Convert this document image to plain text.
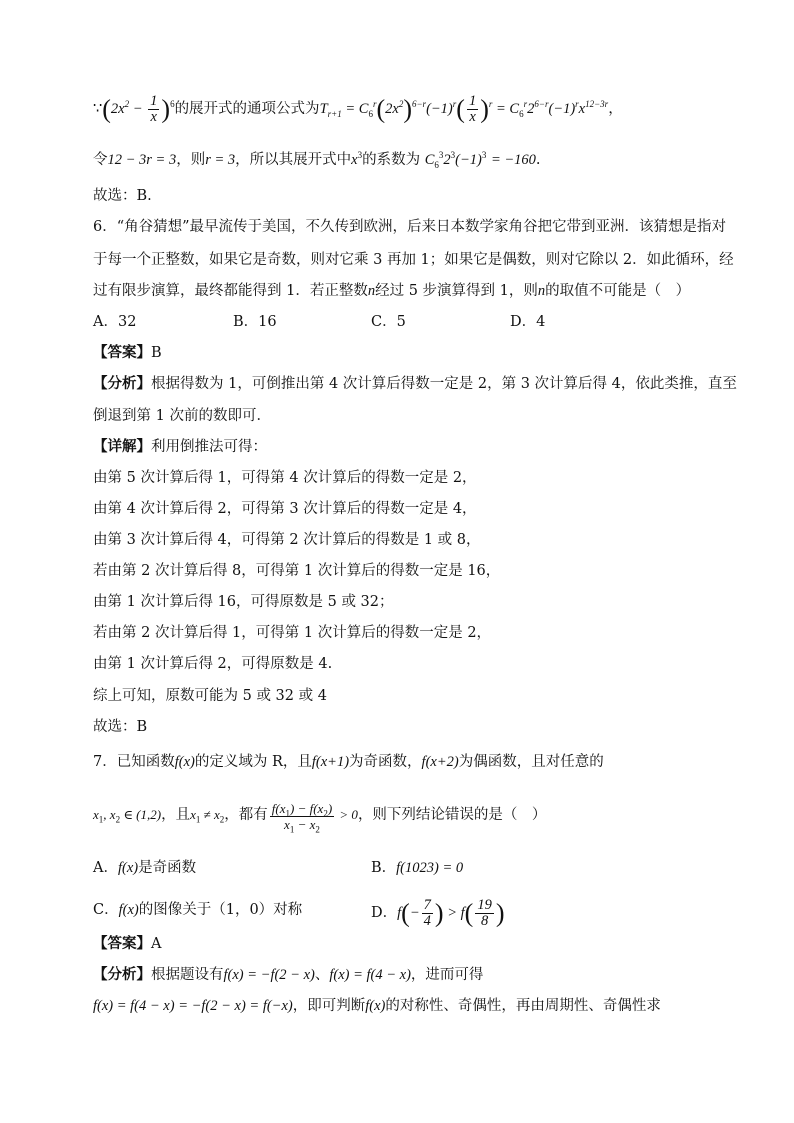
$\because(2x^2 - \frac{1}{x} )^6$的展开式的通项公式为$T_{r+1} = C_6^r(2x^2)^{6-r}(-1)^r( \frac{1}{x} )^r = C_6^r2^{6-r}(-1)^rx^{12-3r}$，
令12 − 3r = 3，则r = 3，所以其展开式中$x^3$的系数为 $C_6^32^3(-1)^3 = -160$.
故选：B.
6．“角谷猜想”最早流传于美国，不久传到欧洲，后来日本数学家角谷把它带到亚洲．该猜想是指对
于每一个正整数，如果它是奇数，则对它乘 3 再加 1；如果它是偶数，则对它除以 2．如此循环，经
过有限步演算，最终都能得到 1．若正整数n经过 5 步演算得到 1，则n的取值不可能是（　）
A．32	B．16	C．5	D．4
【答案】B
【分析】根据得数为 1，可倒推出第 4 次计算后得数一定是 2，第 3 次计算后得 4，依此类推，直至
倒退到第 1 次前的数即可．
【详解】利用倒推法可得：
由第 5 次计算后得 1，可得第 4 次计算后的得数一定是 2，
由第 4 次计算后得 2，可得第 3 次计算后的得数一定是 4，
由第 3 次计算后得 4，可得第 2 次计算后的得数是 1 或 8，
若由第 2 次计算后得 8，可得第 1 次计算后的得数一定是 16，
由第 1 次计算后得 16，可得原数是 5 或 32；
若由第 2 次计算后得 1，可得第 1 次计算后的得数一定是 2，
由第 1 次计算后得 2，可得原数是 4.
综上可知，原数可能为 5 或 32 或 4
故选：B
7．已知函数f(x)的定义域为 R，且f(x+1)为奇函数，f(x+2)为偶函数，且对任意的
$x_1$, $x_2$ ∈ (1,2)，且$x_1 \ne x_2$，都有 $\frac{f(x_1) - f(x_2)}{x_1 - x_2} > 0$，则下列结论错误的是（　）
A．f(x)是奇函数	B．f(1023) = 0
C．f(x)的图像关于（1，0）对称	D．$f(- \frac{7}{4}$ ) > $f( \frac{19}{8}$ )
【答案】A
【分析】根据题设有f(x) = −f(2 − x)、f(x) = f(4 − x)，进而可得
f(x) = f(4 − x) = −f(2 − x) = f(−x)，即可判断f(x)的对称性、奇偶性，再由周期性、奇偶性求
